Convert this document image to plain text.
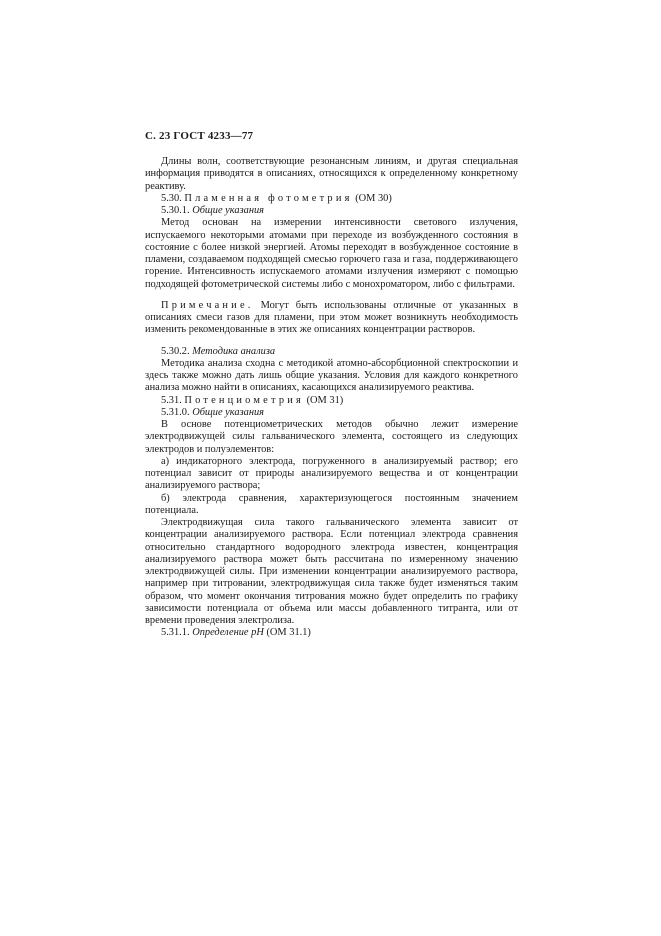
С. 23 ГОСТ 4233—77

Длины волн, соответствующие резонансным линиям, и другая специальная информация приводятся в описаниях, относящихся к определенному конкретному реактиву.

5.30. Пламенная фотометрия (ОМ 30)

5.30.1. Общие указания

Метод основан на измерении интенсивности светового излучения, испускаемого некоторыми атомами при переходе из возбужденного состояния в состояние с более низкой энергией. Атомы переходят в возбужденное состояние в пламени, создаваемом подходящей смесью горючего газа и газа, поддерживающего горение. Интенсивность испускаемого атомами излучения измеряют с помощью подходящей фотометрической системы либо с монохроматором, либо с фильтрами.

Примечание. Могут быть использованы отличные от указанных в описаниях смеси газов для пламени, при этом может возникнуть необходимость изменить рекомендованные в этих же описаниях концентрации растворов.

5.30.2. Методика анализа

Методика анализа сходна с методикой атомно-абсорбционной спектроскопии и здесь также можно дать лишь общие указания. Условия для каждого конкретного анализа можно найти в описаниях, касающихся анализируемого реактива.

5.31. Потенциометрия (ОМ 31)

5.31.0. Общие указания

В основе потенциометрических методов обычно лежит измерение электродвижущей силы гальванического элемента, состоящего из следующих электродов и полуэлементов:

а) индикаторного электрода, погруженного в анализируемый раствор; его потенциал зависит от природы анализируемого вещества и от концентрации анализируемого раствора;

б) электрода сравнения, характеризующегося постоянным значением потенциала.

Электродвижущая сила такого гальванического элемента зависит от концентрации анализируемого раствора. Если потенциал электрода сравнения относительно стандартного водородного электрода известен, концентрация анализируемого раствора может быть рассчитана по измеренному значению электродвижущей силы. При изменении концентрации анализируемого раствора, например при титровании, электродвижущая сила также будет изменяться таким образом, что момент окончания титрования можно будет определить по графику зависимости потенциала от объема или массы добавленного титранта, или от времени проведения электролиза.

5.31.1. Определение рН (ОМ 31.1)
